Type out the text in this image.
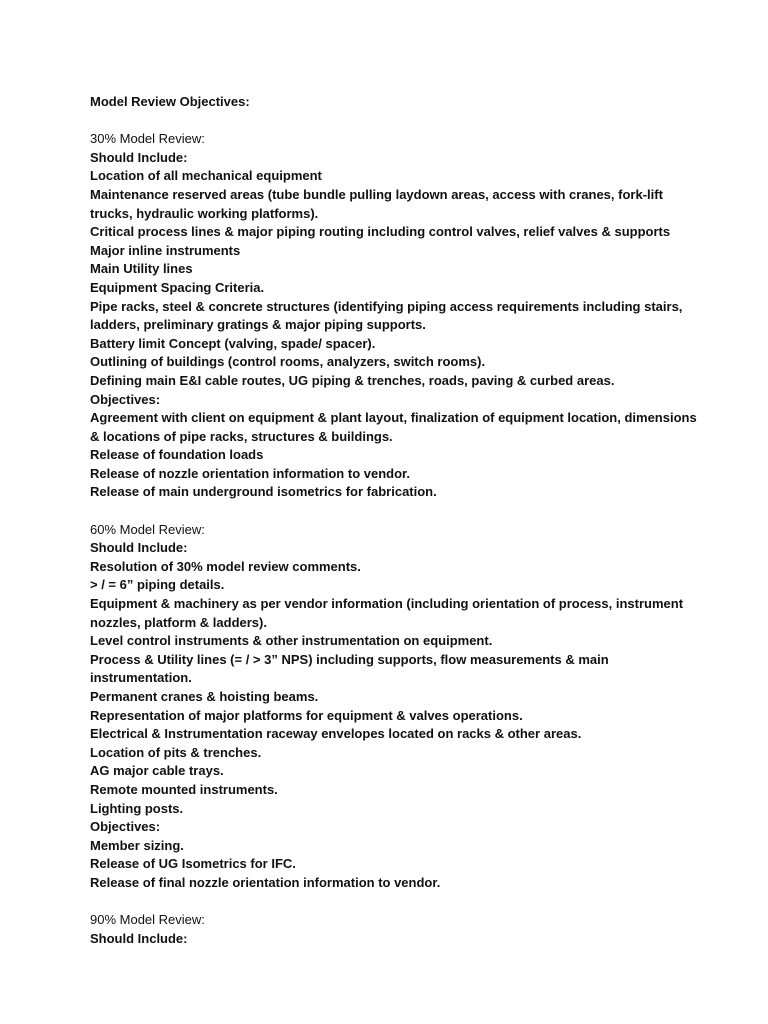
Model Review Objectives:
30% Model Review:
Should Include:
Location of all mechanical equipment
Maintenance reserved areas (tube bundle pulling laydown areas, access with cranes, fork-lift trucks, hydraulic working platforms).
Critical process lines & major piping routing including control valves, relief valves & supports
Major inline instruments
Main Utility lines
Equipment Spacing Criteria.
Pipe racks, steel & concrete structures (identifying piping access requirements including stairs, ladders, preliminary gratings & major piping supports.
Battery limit Concept (valving, spade/ spacer).
Outlining of buildings (control rooms, analyzers, switch rooms).
Defining main E&I cable routes, UG piping & trenches, roads, paving & curbed areas.
Objectives:
Agreement with client on equipment & plant layout, finalization of equipment location, dimensions & locations of pipe racks, structures & buildings.
Release of foundation loads
Release of nozzle orientation information to vendor.
Release of main underground isometrics for fabrication.
60% Model Review:
Should Include:
Resolution of 30% model review comments.
> / = 6” piping details.
Equipment & machinery as per vendor information (including orientation of process, instrument nozzles, platform & ladders).
Level control instruments & other instrumentation on equipment.
Process & Utility lines (= / > 3” NPS) including supports, flow measurements & main instrumentation.
Permanent cranes & hoisting beams.
Representation of major platforms for equipment & valves operations.
Electrical & Instrumentation raceway envelopes located on racks & other areas.
Location of pits & trenches.
AG major cable trays.
Remote mounted instruments.
Lighting posts.
Objectives:
Member sizing.
Release of UG Isometrics for IFC.
Release of final nozzle orientation information to vendor.
90% Model Review:
Should Include:
